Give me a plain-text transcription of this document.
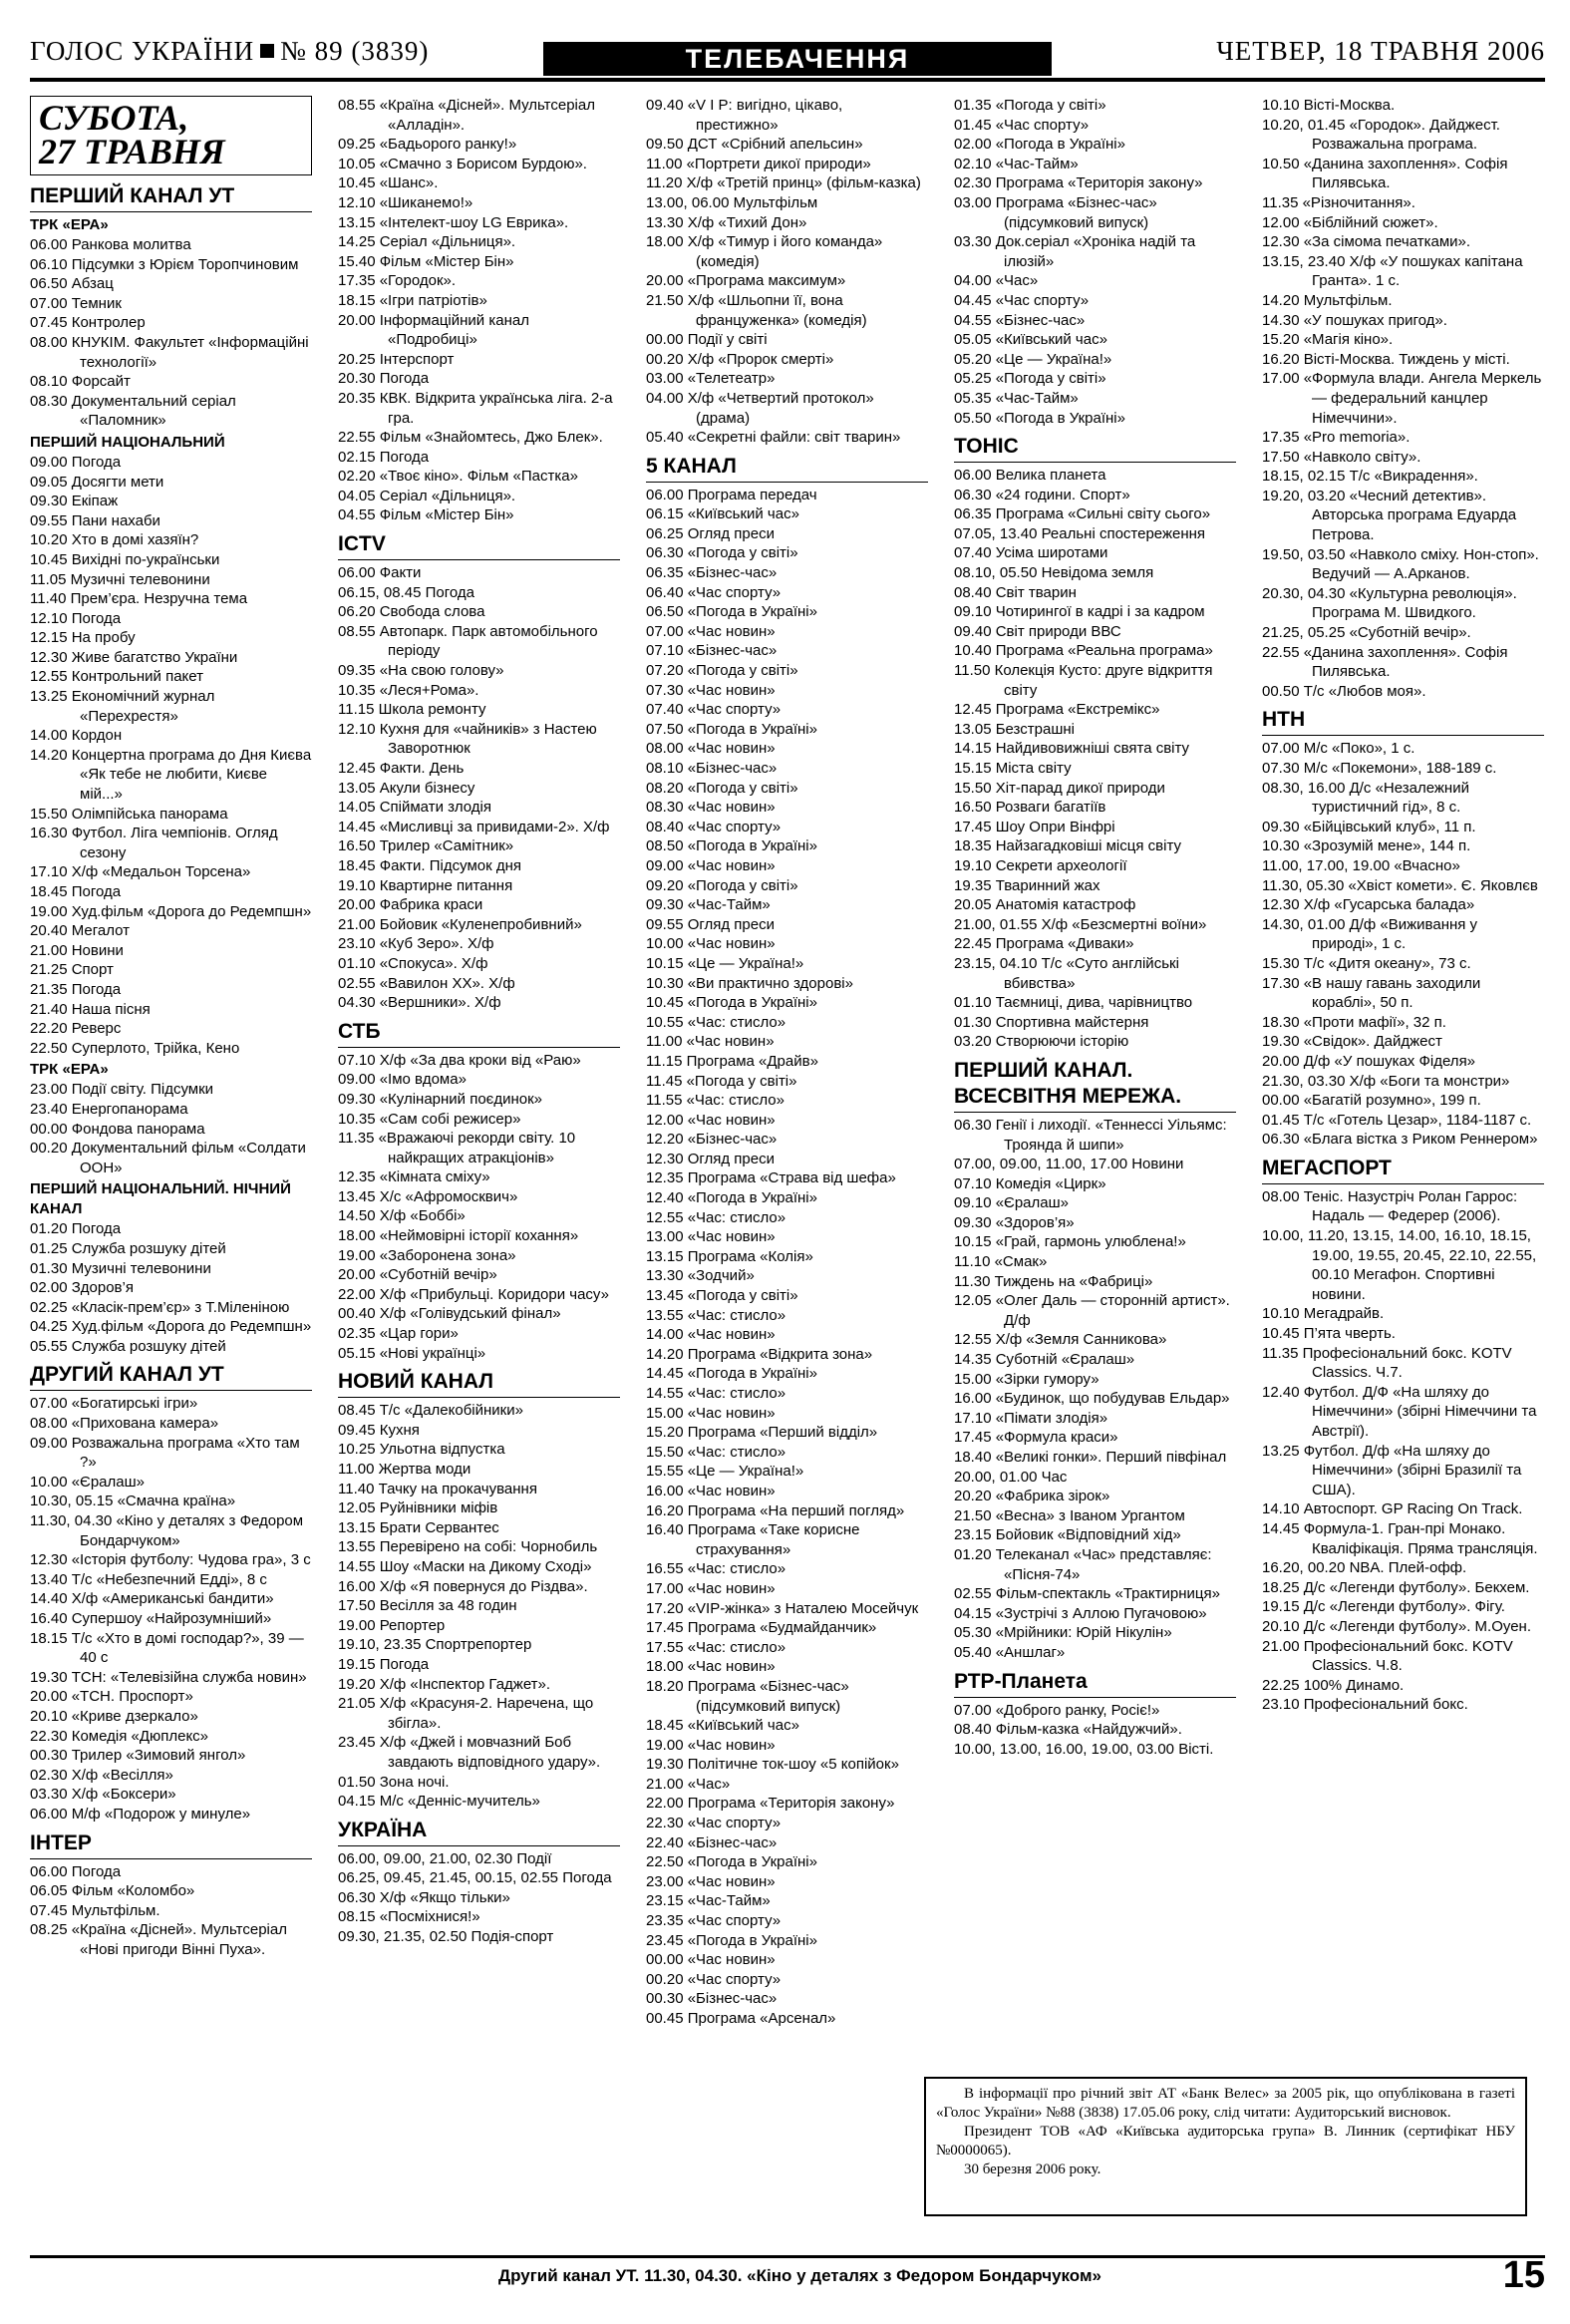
ГОЛОС УКРАЇНИ № 89 (3839)	ТЕЛЕБАЧЕННЯ	ЧЕТВЕР, 18 ТРАВНЯ 2006
СУБОТА,
27 ТРАВНЯ
ПЕРШИЙ КАНАЛ УТ
ТРК «ЕРА»
06.00 Ранкова молитва
06.10 Підсумки з Юрієм Торопчиновим
06.50 Абзац
07.00 Темник
07.45 Контролер
08.00 КНУКІМ. Факультет «Інформаційні технології»
08.10 Форсайт
08.30 Документальний серіал «Паломник»
ПЕРШИЙ НАЦІОНАЛЬНИЙ
09.00 Погода
09.05 Досягти мети
09.30 Екіпаж
09.55 Пани нахаби
10.20 Хто в домі хазяїн?
10.45 Вихідні по-українськи
11.05 Музичні телевонини
11.40 Прем’єра. Незручна тема
12.10 Погода
12.15 На пробу
12.30 Живе багатство України
12.55 Контрольний пакет
13.25 Економічний журнал «Перехрестя»
14.00 Кордон
14.20 Концертна програма до Дня Києва «Як тебе не любити, Києве мій...»
15.50 Олімпійська панорама
16.30 Футбол. Ліга чемпіонів. Огляд сезону
17.10 Х/ф «Медальон Торсена»
18.45 Погода
19.00 Худ.фільм «Дорога до Редемпшн»
20.40 Мегалот
21.00 Новини
21.25 Спорт
21.35 Погода
21.40 Наша пісня
22.20 Реверс
22.50 Суперлото, Трійка, Кено
ТРК «ЕРА»
23.00 Події світу. Підсумки
23.40 Енергопанорама
00.00 Фондова панорама
00.20 Документальний фільм «Солдати ООН»
ПЕРШИЙ НАЦІОНАЛЬНИЙ. НІЧНИЙ КАНАЛ
01.20 Погода
01.25 Служба розшуку дітей
01.30 Музичні телевонини
02.00 Здоров’я
02.25 «Класік-прем’єр» з Т.Міленіною
04.25 Худ.фільм «Дорога до Редемпшн»
05.55 Служба розшуку дітей
ДРУГИЙ КАНАЛ УТ
07.00 «Богатирські ігри»
08.00 «Прихована камера»
09.00 Розважальна програма «Хто там ?»
10.00 «Єралаш»
10.30, 05.15 «Смачна країна»
11.30, 04.30 «Кіно у деталях з Федором Бондарчуком»
12.30 «Історія футболу: Чудова гра», 3 с
13.40 Т/с «Небезпечний Едді», 8 с
14.40 Х/ф «Американські бандити»
16.40 Супершоу «Найрозумніший»
18.15 Т/с «Хто в домі господар?», 39 — 40 с
19.30 ТСН: «Телевізійна служба новин»
20.00 «ТСН. Проспорт»
20.10 «Криве дзеркало»
22.30 Комедія «Дюплекс»
00.30 Трилер «Зимовий янгол»
02.30 Х/ф «Весілля»
03.30 Х/ф «Боксери»
06.00 М/ф «Подорож у минуле»
ІНТЕР
06.00 Погода
06.05 Фільм «Коломбо»
07.45 Мультфільм.
08.25 «Країна «Дісней». Мультсеріал «Нові пригоди Вінні Пуха».
08.55 «Країна «Дісней». Мультсеріал «Алладін».
09.25 «Бадьорого ранку!»
10.05 «Смачно з Борисом Бурдою».
10.45 «Шанс».
12.10 «Шиканемо!»
13.15 «Інтелект-шоу LG Еврика».
14.25 Серіал «Дільниця».
15.40 Фільм «Містер Бін»
17.35 «Городок».
18.15 «Ігри патріотів»
20.00 Інформаційний канал «Подробиці»
20.25 Інтерспорт
20.30 Погода
20.35 КВК. Відкрита українська ліга. 2-а гра.
22.55 Фільм «Знайомтесь, Джо Блек».
02.15 Погода
02.20 «Твоє кіно». Фільм «Пастка»
04.05 Серіал «Дільниця».
04.55 Фільм «Містер Бін»
ICTV
06.00 Факти
06.15, 08.45 Погода
06.20 Свобода слова
08.55 Автопарк. Парк автомобільного періоду
09.35 «На свою голову»
10.35 «Леся+Рома».
11.15 Школа ремонту
12.10 Кухня для «чайників» з Настею Заворотнюк
12.45 Факти. День
13.05 Акули бізнесу
14.05 Спіймати злодія
14.45 «Мисливці за привидами-2». Х/ф
16.50 Трилер «Самітник»
18.45 Факти. Підсумок дня
19.10 Квартирне питання
20.00 Фабрика краси
21.00 Бойовик «Куленепробивний»
23.10 «Куб Зеро». Х/ф
01.10 «Спокуса». Х/ф
02.55 «Вавилон ХХ». Х/ф
04.30 «Вершники». Х/ф
СТБ
07.10 Х/ф «За два кроки від «Раю»
09.00 «Імо вдома»
09.30 «Кулінарний поєдинок»
10.35 «Сам собі режисер»
11.35 «Вражаючі рекорди світу. 10 найкращих атракціонів»
12.35 «Кімната сміху»
13.45 Х/с «Афромосквич»
14.50 Х/ф «Боббі»
18.00 «Неймовірні історії кохання»
19.00 «Заборонена зона»
20.00 «Суботній вечір»
22.00 Х/ф «Прибульці. Коридори часу»
00.40 Х/ф «Голівудський фінал»
02.35 «Цар гори»
05.15 «Нові українці»
НОВИЙ КАНАЛ
08.45 Т/с «Далекобійники»
09.45 Кухня
10.25 Ульотна відпустка
11.00 Жертва моди
11.40 Тачку на прокачування
12.05 Руйнівники міфів
13.15 Брати Сервантес
13.55 Перевірено на собі: Чорнобиль
14.55 Шоу «Маски на Дикому Сході»
16.00 Х/ф «Я повернуся до Різдва».
17.50 Весілля за 48 годин
19.00 Репортер
19.10, 23.35 Спортрепортер
19.15 Погода
19.20 Х/ф «Інспектор Гаджет».
21.05 Х/ф «Красуня-2. Наречена, що збігла».
23.45 Х/ф «Джей і мовчазний Боб завдають відповідного удару».
01.50 Зона ночі.
04.15 М/с «Денніс-мучитель»
УКРАЇНА
06.00, 09.00, 21.00, 02.30 Події
06.25, 09.45, 21.45, 00.15, 02.55 Погода
06.30 Х/ф «Якщо тільки»
08.15 «Посміхнися!»
09.30, 21.35, 02.50 Подія-спорт
09.40 «V I P: вигідно, цікаво, престижно»
09.50 ДСТ «Срібний апельсин»
11.00 «Портрети дикої природи»
11.20 Х/ф «Третій принц» (фільм-казка)
13.00, 06.00 Мультфільм
13.30 Х/ф «Тихий Дон»
18.00 Х/ф «Тимур і його команда» (комедія)
20.00 «Програма максимум»
21.50 Х/ф «Шльопни її, вона француженка» (комедія)
00.00 Події у світі
00.20 Х/ф «Пророк смерті»
03.00 «Телетеатр»
04.00 Х/ф «Четвертий протокол» (драма)
05.40 «Секретні файли: світ тварин»
5 КАНАЛ
06.00 Програма передач
06.15 «Київський час»
06.25 Огляд преси
06.30 «Погода у світі»
06.35 «Бізнес-час»
06.40 «Час спорту»
06.50 «Погода в Україні»
07.00 «Час новин»
07.10 «Бізнес-час»
07.20 «Погода у світі»
07.30 «Час новин»
07.40 «Час спорту»
07.50 «Погода в Україні»
08.00 «Час новин»
08.10 «Бізнес-час»
08.20 «Погода у світі»
08.30 «Час новин»
08.40 «Час спорту»
08.50 «Погода в Україні»
09.00 «Час новин»
09.20 «Погода у світі»
09.30 «Час-Тайм»
09.55 Огляд преси
10.00 «Час новин»
10.15 «Це — Україна!»
10.30 «Ви практично здорові»
10.45 «Погода в Україні»
10.55 «Час: стисло»
11.00 «Час новин»
11.15 Програма «Драйв»
11.45 «Погода у світі»
11.55 «Час: стисло»
12.00 «Час новин»
12.20 «Бізнес-час»
12.30 Огляд преси
12.35 Програма «Страва від шефа»
12.40 «Погода в Україні»
12.55 «Час: стисло»
13.00 «Час новин»
13.15 Програма «Колія»
13.30 «Зодчий»
13.45 «Погода у світі»
13.55 «Час: стисло»
14.00 «Час новин»
14.20 Програма «Відкрита зона»
14.45 «Погода в Україні»
14.55 «Час: стисло»
15.00 «Час новин»
15.20 Програма «Перший відділ»
15.50 «Час: стисло»
15.55 «Це — Україна!»
16.00 «Час новин»
16.20 Програма «На перший погляд»
16.40 Програма «Таке корисне страхування»
16.55 «Час: стисло»
17.00 «Час новин»
17.20 «VIP-жінка» з Наталею Мосейчук
17.45 Програма «Будмайданчик»
17.55 «Час: стисло»
18.00 «Час новин»
18.20 Програма «Бізнес-час» (підсумковий випуск)
18.45 «Київський час»
19.00 «Час новин»
19.30 Політичне ток-шоу «5 копійок»
21.00 «Час»
22.00 Програма «Територія закону»
22.30 «Час спорту»
22.40 «Бізнес-час»
22.50 «Погода в Україні»
23.00 «Час новин»
23.15 «Час-Тайм»
23.35 «Час спорту»
23.45 «Погода в Україні»
00.00 «Час новин»
00.20 «Час спорту»
00.30 «Бізнес-час»
00.45 Програма «Арсенал»
01.35 «Погода у світі»
01.45 «Час спорту»
02.00 «Погода в Україні»
02.10 «Час-Тайм»
02.30 Програма «Територія закону»
03.00 Програма «Бізнес-час» (підсумковий випуск)
03.30 Док.серіал «Хроніка надій та ілюзій»
04.00 «Час»
04.45 «Час спорту»
04.55 «Бізнес-час»
05.05 «Київський час»
05.20 «Це — Україна!»
05.25 «Погода у світі»
05.35 «Час-Тайм»
05.50 «Погода в Україні»
ТОНІС
06.00 Велика планета
06.30 «24 години. Спорт»
06.35 Програма «Сильні світу сього»
07.05, 13.40 Реальні спостереження
07.40 Усіма широтами
08.10, 05.50 Невідома земля
08.40 Світ тварин
09.10 Чотирингої в кадрі і за кадром
09.40 Світ природи ВВС
10.40 Програма «Реальна програма»
11.50 Колекція Кусто: друге відкриття світу
12.45 Програма «Екстремікс»
13.05 Безстрашні
14.15 Найдивовижніші свята світу
15.15 Міста світу
15.50 Хіт-парад дикої природи
16.50 Розваги багатіїв
17.45 Шоу Опри Вінфрі
18.35 Найзагадковіші місця світу
19.10 Секрети археології
19.35 Тваринний жах
20.05 Анатомія катастроф
21.00, 01.55 Х/ф «Безсмертні воїни»
22.45 Програма «Диваки»
23.15, 04.10 Т/с «Суто англійські вбивства»
01.10 Таємниці, дива, чарівництво
01.30 Спортивна майстерня
03.20 Створюючи історію
ПЕРШИЙ КАНАЛ. ВСЕСВІТНЯ МЕРЕЖА.
06.30 Генії і лиходії. «Теннессі Уільямс: Троянда й шипи»
07.00, 09.00, 11.00, 17.00 Новини
07.10 Комедія «Цирк»
09.10 «Єралаш»
09.30 «Здоров’я»
10.15 «Грай, гармонь улюблена!»
11.10 «Смак»
11.30 Тиждень на «Фабриці»
12.05 «Олег Даль — сторонній артист». Д/ф
12.55 Х/ф «Земля Санникова»
14.35 Суботній «Єралаш»
15.00 «Зірки гумору»
16.00 «Будинок, що побудував Ельдар»
17.10 «Пімати злодія»
17.45 «Формула краси»
18.40 «Великі гонки». Перший півфінал
20.00, 01.00 Час
20.20 «Фабрика зірок»
21.50 «Весна» з Іваном Ургантом
23.15 Бойовик «Відповідний хід»
01.20 Телеканал «Час» представляє: «Пісня-74»
02.55 Фільм-спектакль «Трактирниця»
04.15 «Зустрічі з Аллою Пугачовою»
05.30 «Мрійники: Юрій Нікулін»
05.40 «Аншлаг»
РТР-Планета
07.00 «Доброго ранку, Росіє!»
08.40 Фільм-казка «Найдужчий».
10.00, 13.00, 16.00, 19.00, 03.00 Вісті.
10.10 Вісті-Москва.
10.20, 01.45 «Городок». Дайджест. Розважальна програма.
10.50 «Данина захоплення». Софія Пилявська.
11.35 «Різночитання».
12.00 «Біблійний сюжет».
12.30 «За сімома печатками».
13.15, 23.40 Х/ф «У пошуках капітана Гранта». 1 с.
14.20 Мультфільм.
14.30 «У пошуках пригод».
15.20 «Магія кіно».
16.20 Вісті-Москва. Тиждень у місті.
17.00 «Формула влади. Ангела Меркель — федеральний канцлер Німеччини».
17.35 «Pro memoria».
17.50 «Навколо світу».
18.15, 02.15 Т/с «Викрадення».
19.20, 03.20 «Чесний детектив». Авторська програма Едуарда Петрова.
19.50, 03.50 «Навколо сміху. Нон-стоп». Ведучий — А.Арканов.
20.30, 04.30 «Культурна революція». Програма М. Швидкого.
21.25, 05.25 «Суботній вечір».
22.55 «Данина захоплення». Софія Пилявська.
00.50 Т/с «Любов моя».
НТН
07.00 М/с «Поко», 1 с.
07.30 М/с «Покемони», 188-189 с.
08.30, 16.00 Д/с «Незалежний туристичний гід», 8 с.
09.30 «Бійцівський клуб», 11 п.
10.30 «Зрозумій мене», 144 п.
11.00, 17.00, 19.00 «Вчасно»
11.30, 05.30 «Хвіст комети». Є. Яковлєв
12.30 Х/ф «Гусарська балада»
14.30, 01.00 Д/ф «Виживання у природі», 1 с.
15.30 Т/с «Дитя океану», 73 с.
17.30 «В нашу гавань заходили кораблі», 50 п.
18.30 «Проти мафії», 32 п.
19.30 «Свідок». Дайджест
20.00 Д/ф «У пошуках Фіделя»
21.30, 03.30 Х/ф «Боги та монстри»
00.00 «Багатій розумно», 199 п.
01.45 Т/с «Готель Цезар», 1184-1187 с.
06.30 «Блага вістка з Риком Реннером»
МЕГАСПОРТ
08.00 Теніс. Назустріч Ролан Гаррос: Надаль — Федерер (2006).
10.00, 11.20, 13.15, 14.00, 16.10, 18.15, 19.00, 19.55, 20.45, 22.10, 22.55, 00.10 Мегафон. Спортивні новини.
10.10 Мегадрайв.
10.45 П’ята чверть.
11.35 Професіональний бокс. KOTV Classics. Ч.7.
12.40 Футбол. Д/Ф «На шляху до Німеччини» (збірні Німеччини та Австрії).
13.25 Футбол. Д/ф «На шляху до Німеччини» (збірні Бразилії та США).
14.10 Автоспорт. GP Racing On Track.
14.45 Формула-1. Гран-прі Монако. Кваліфікація. Пряма трансляція.
16.20, 00.20 NBA. Плей-офф.
18.25 Д/с «Легенди футболу». Бекхем.
19.15 Д/с «Легенди футболу». Фігу.
20.10 Д/с «Легенди футболу». М.Оуен.
21.00 Професіональний бокс. KOTV Classics. Ч.8.
22.25 100% Динамо.
23.10 Професіональний бокс.

В інформації про річний звіт АТ «Банк Велес» за 2005 рік, що опублікована в газеті «Голос України» №88 (3838) 17.05.06 року, слід читати: Аудиторський висновок.

Президент ТОВ «АФ «Київська аудиторська група» В. Линник (сертифікат НБУ №0000065).

30 березня 2006 року.

Другий канал УТ. 11.30, 04.30. «Кіно у деталях з Федором Бондарчуком»	15
